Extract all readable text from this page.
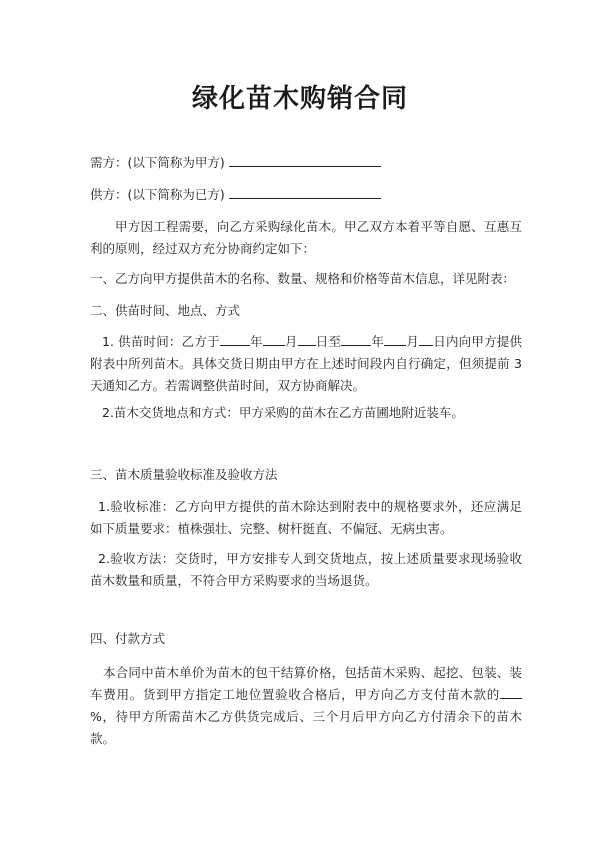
绿化苗木购销合同
需方：(以下简称为甲方)
供方：(以下简称为已方)
甲方因工程需要，向乙方采购绿化苗木。甲乙双方本着平等自愿、互惠互利的原则，经过双方充分协商约定如下：
一、乙方向甲方提供苗木的名称、数量、规格和价格等苗木信息，详见附表：
二、供苗时间、地点、方式
1. 供苗时间：乙方于 年 月 日至 年 月 日内向甲方提供附表中所列苗木。具体交货日期由甲方在上述时间段内自行确定，但须提前 3 天通知乙方。若需调整供苗时间，双方协商解决。
2.苗木交货地点和方式：甲方采购的苗木在乙方苗圃地附近装车。
三、苗木质量验收标准及验收方法
1.验收标准：乙方向甲方提供的苗木除达到附表中的规格要求外，还应满足如下质量要求：植株强壮、完整、树杆挺直、不偏冠、无病虫害。
2.验收方法：交货时，甲方安排专人到交货地点，按上述质量要求现场验收苗木数量和质量，不符合甲方采购要求的当场退货。
四、付款方式
本合同中苗木单价为苗木的包干结算价格，包括苗木采购、起挖、包装、装车费用。货到甲方指定工地位置验收合格后，甲方向乙方支付苗木款的%，待甲方所需苗木乙方供货完成后、三个月后甲方向乙方付清余下的苗木款。
